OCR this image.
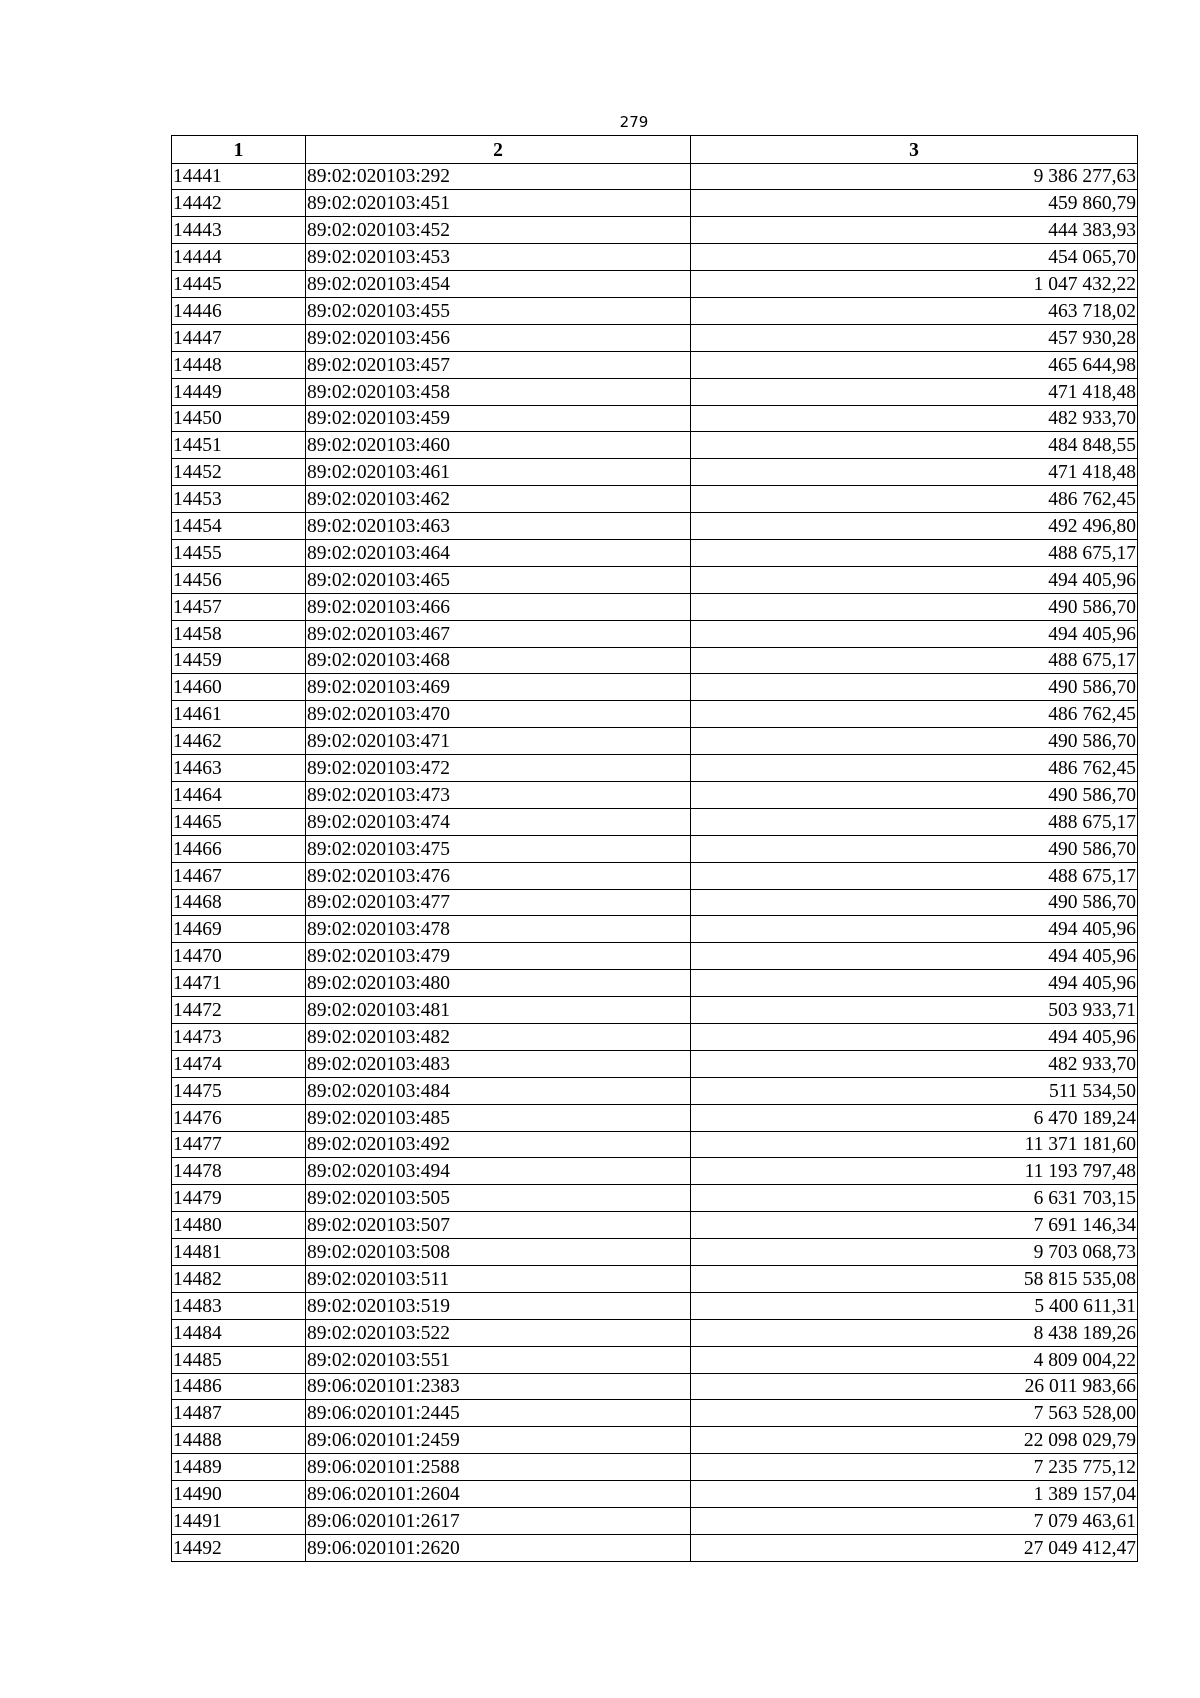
279
1	2	3
14441	89:02:020103:292	9 386 277,63
14442	89:02:020103:451	459 860,79
14443	89:02:020103:452	444 383,93
14444	89:02:020103:453	454 065,70
14445	89:02:020103:454	1 047 432,22
14446	89:02:020103:455	463 718,02
14447	89:02:020103:456	457 930,28
14448	89:02:020103:457	465 644,98
14449	89:02:020103:458	471 418,48
14450	89:02:020103:459	482 933,70
14451	89:02:020103:460	484 848,55
14452	89:02:020103:461	471 418,48
14453	89:02:020103:462	486 762,45
14454	89:02:020103:463	492 496,80
14455	89:02:020103:464	488 675,17
14456	89:02:020103:465	494 405,96
14457	89:02:020103:466	490 586,70
14458	89:02:020103:467	494 405,96
14459	89:02:020103:468	488 675,17
14460	89:02:020103:469	490 586,70
14461	89:02:020103:470	486 762,45
14462	89:02:020103:471	490 586,70
14463	89:02:020103:472	486 762,45
14464	89:02:020103:473	490 586,70
14465	89:02:020103:474	488 675,17
14466	89:02:020103:475	490 586,70
14467	89:02:020103:476	488 675,17
14468	89:02:020103:477	490 586,70
14469	89:02:020103:478	494 405,96
14470	89:02:020103:479	494 405,96
14471	89:02:020103:480	494 405,96
14472	89:02:020103:481	503 933,71
14473	89:02:020103:482	494 405,96
14474	89:02:020103:483	482 933,70
14475	89:02:020103:484	511 534,50
14476	89:02:020103:485	6 470 189,24
14477	89:02:020103:492	11 371 181,60
14478	89:02:020103:494	11 193 797,48
14479	89:02:020103:505	6 631 703,15
14480	89:02:020103:507	7 691 146,34
14481	89:02:020103:508	9 703 068,73
14482	89:02:020103:511	58 815 535,08
14483	89:02:020103:519	5 400 611,31
14484	89:02:020103:522	8 438 189,26
14485	89:02:020103:551	4 809 004,22
14486	89:06:020101:2383	26 011 983,66
14487	89:06:020101:2445	7 563 528,00
14488	89:06:020101:2459	22 098 029,79
14489	89:06:020101:2588	7 235 775,12
14490	89:06:020101:2604	1 389 157,04
14491	89:06:020101:2617	7 079 463,61
14492	89:06:020101:2620	27 049 412,47
